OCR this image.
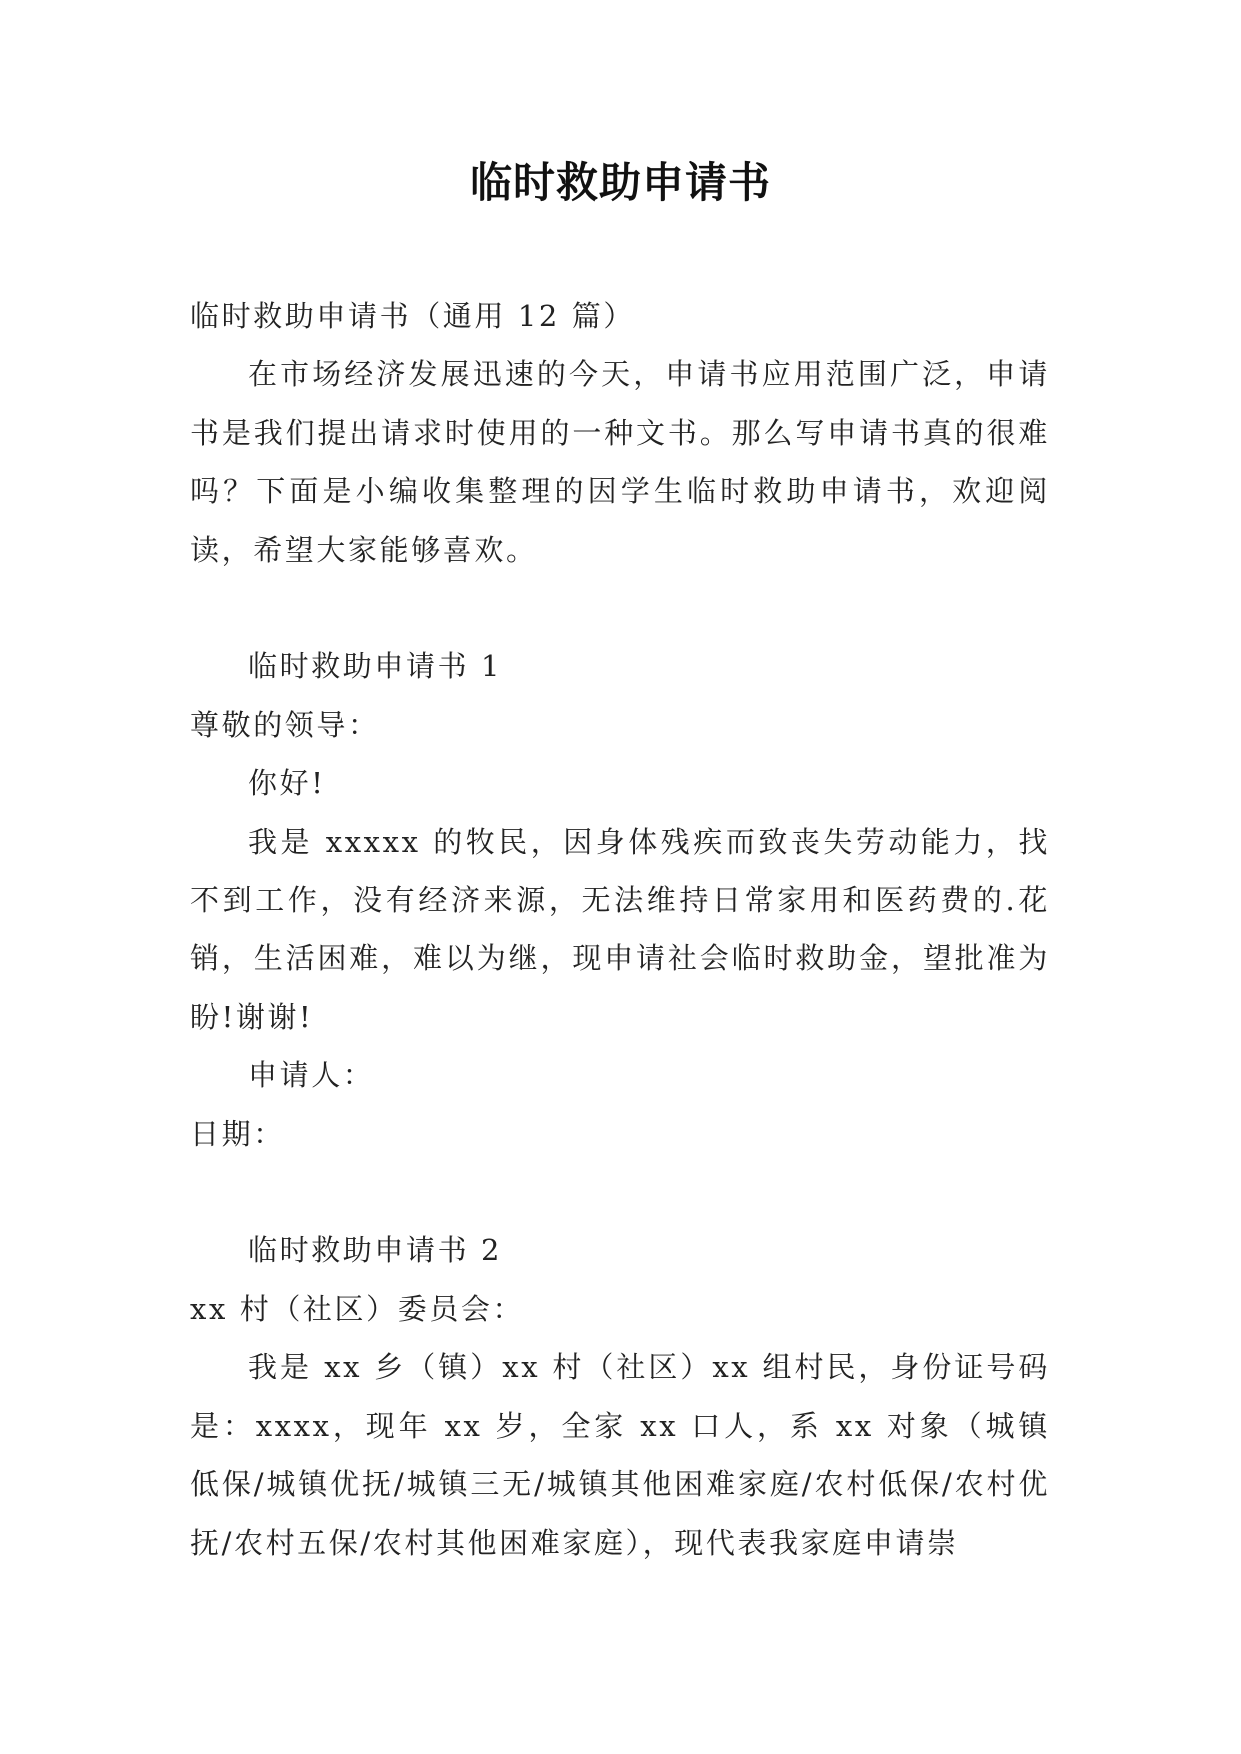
临时救助申请书

临时救助申请书（通用 12 篇）

在市场经济发展迅速的今天，申请书应用范围广泛，申请书是我们提出请求时使用的一种文书。那么写申请书真的很难吗？下面是小编收集整理的因学生临时救助申请书，欢迎阅读，希望大家能够喜欢。

临时救助申请书 1

尊敬的领导：

你好!

我是 xxxxx 的牧民，因身体残疾而致丧失劳动能力，找不到工作，没有经济来源，无法维持日常家用和医药费的.花销，生活困难，难以为继，现申请社会临时救助金，望批准为盼!谢谢!

申请人：

日期：

临时救助申请书 2

xx 村（社区）委员会：

我是 xx 乡（镇）xx 村（社区）xx 组村民，身份证号码是：xxxx，现年 xx 岁，全家 xx 口人，系 xx 对象（城镇低保/城镇优抚/城镇三无/城镇其他困难家庭/农村低保/农村优抚/农村五保/农村其他困难家庭），现代表我家庭申请崇
